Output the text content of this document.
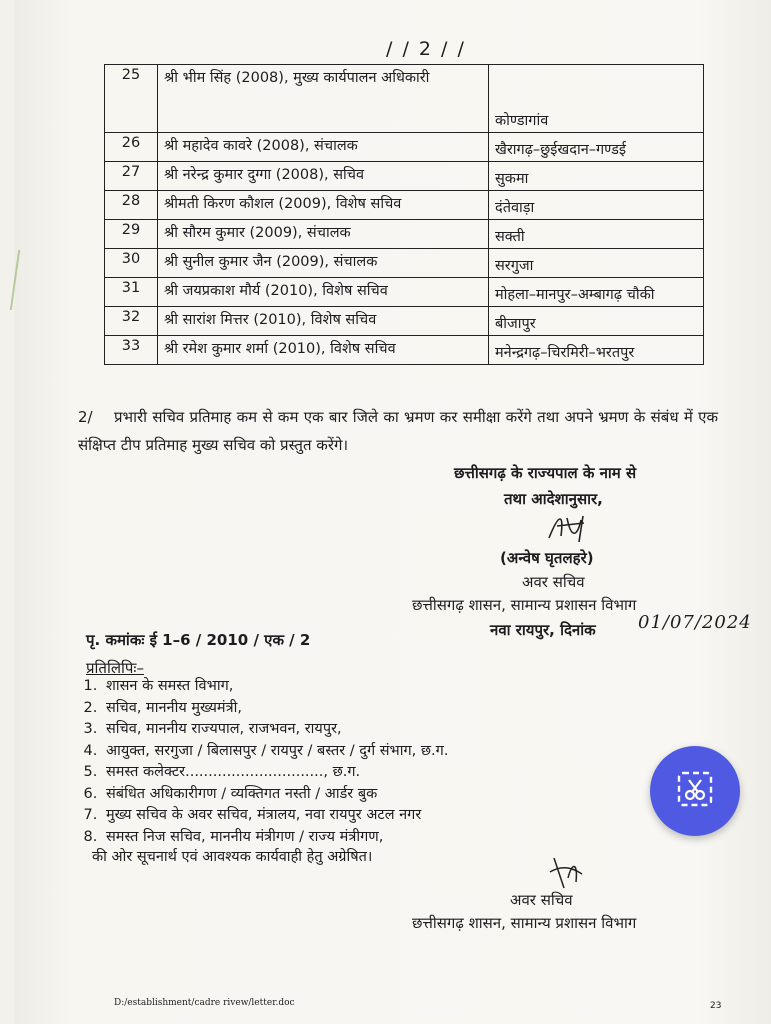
/ / 2 / /
25	श्री भीम सिंह (2008), मुख्य कार्यपालन अधिकारी	कोण्डागांव
26	श्री महादेव कावरे (2008), संचालक	खैरागढ़–छुईखदान–गण्डई
27	श्री नरेन्द्र कुमार दुग्गा (2008), सचिव	सुकमा
28	श्रीमती किरण कौशल (2009), विशेष सचिव	दंतेवाड़ा
29	श्री सौरम कुमार (2009), संचालक	सक्ती
30	श्री सुनील कुमार जैन (2009), संचालक	सरगुजा
31	श्री जयप्रकाश मौर्य (2010), विशेष सचिव	मोहला–मानपुर–अम्बागढ़ चौकी
32	श्री सारांश मित्तर (2010), विशेष सचिव	बीजापुर
33	श्री रमेश कुमार शर्मा (2010), विशेष सचिव	मनेन्द्रगढ़–चिरमिरी–भरतपुर
2/ प्रभारी सचिव प्रतिमाह कम से कम एक बार जिले का भ्रमण कर समीक्षा करेंगे तथा अपने भ्रमण के संबंध में एक संक्षिप्त टीप प्रतिमाह मुख्य सचिव को प्रस्तुत करेंगे।
छत्तीसगढ़ के राज्यपाल के नाम से
तथा आदेशानुसार,
(अन्वेष घृतलहरे)
अवर सचिव
छत्तीसगढ़ शासन, सामान्य प्रशासन विभाग
नवा रायपुर, दिनांक 01/07/2024
पृ. कमांकः ई 1–6 / 2010 / एक / 2
प्रतिलिपिः–
1. शासन के समस्त विभाग,
2. सचिव, माननीय मुख्यमंत्री,
3. सचिव, माननीय राज्यपाल, राजभवन, रायपुर,
4. आयुक्त, सरगुजा / बिलासपुर / रायपुर / बस्तर / दुर्ग संभाग, छ.ग.
5. समस्त कलेक्टर.............................., छ.ग.
6. संबंधित अधिकारीगण / व्यक्तिगत नस्ती / आर्डर बुक
7. मुख्य सचिव के अवर सचिव, मंत्रालय, नवा रायपुर अटल नगर
8. समस्त निज सचिव, माननीय मंत्रीगण / राज्य मंत्रीगण,
की ओर सूचनार्थ एवं आवश्यक कार्यवाही हेतु अग्रेषित।
अवर सचिव
छत्तीसगढ़ शासन, सामान्य प्रशासन विभाग
D:/establishment/cadre rivew/letter.doc	23
